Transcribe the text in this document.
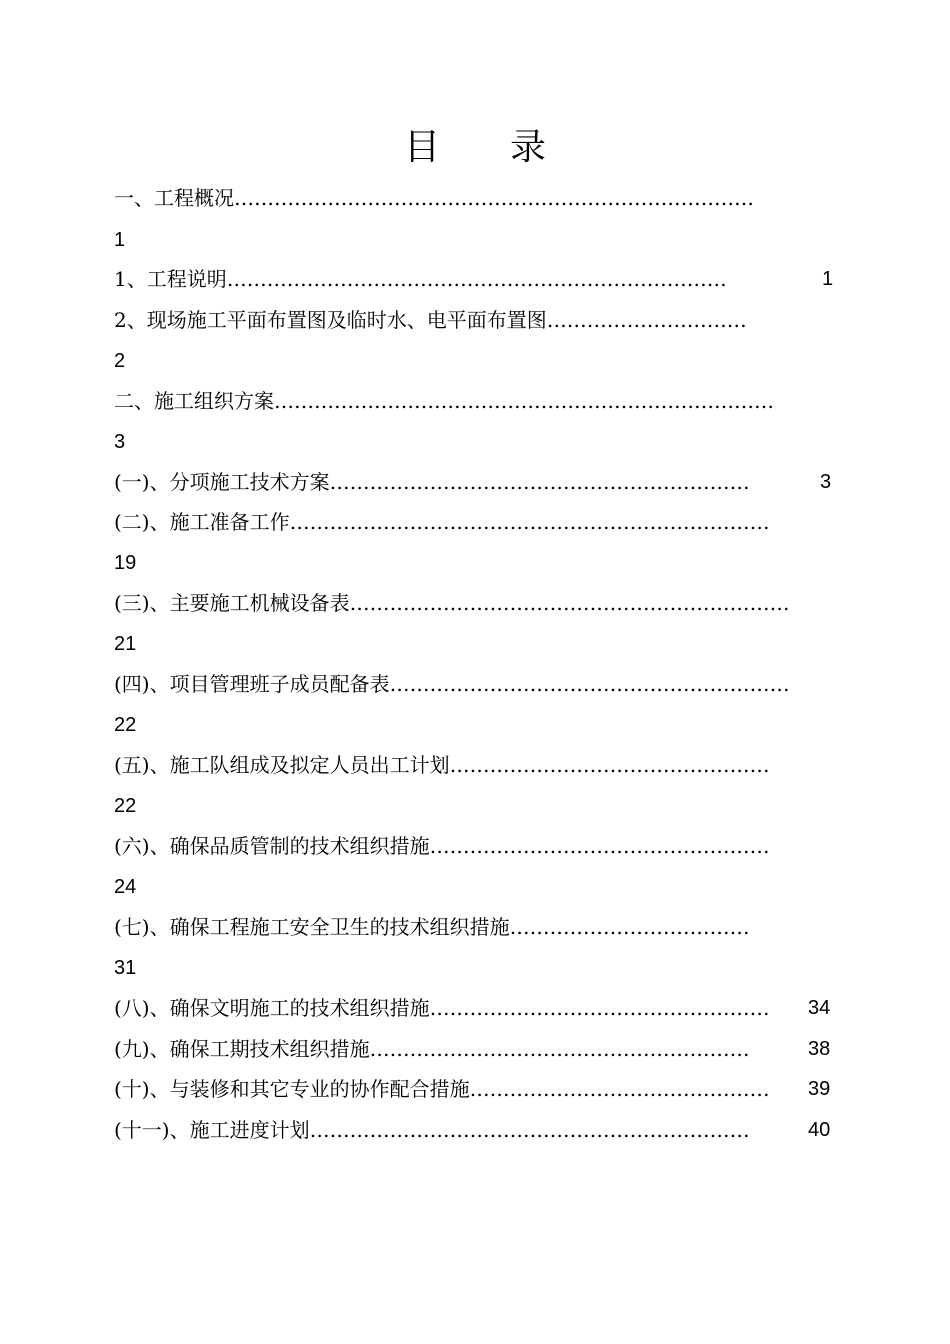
目 录
一、工程概况……………………………………………………………………
1
1、工程说明…………………………………………………………………	1
2、现场施工平面布置图及临时水、电平面布置图…………………………
2
二、施工组织方案…………………………………………………………………
3
(一)、分项施工技术方案………………………………………………………	3
(二)、施工准备工作………………………………………………………………
19
(三)、主要施工机械设备表…………………………………………………………
21
(四)、项目管理班子成员配备表……………………………………………………
22
(五)、施工队组成及拟定人员出工计划…………………………………………
22
(六)、确保品质管制的技术组织措施……………………………………………
24
(七)、确保工程施工安全卫生的技术组织措施………………………………
31
(八)、确保文明施工的技术组织措施……………………………………………	34
(九)、确保工期技术组织措施…………………………………………………	38
(十)、与装修和其它专业的协作配合措施………………………………………	39
(十一)、施工进度计划…………………………………………………………	40
